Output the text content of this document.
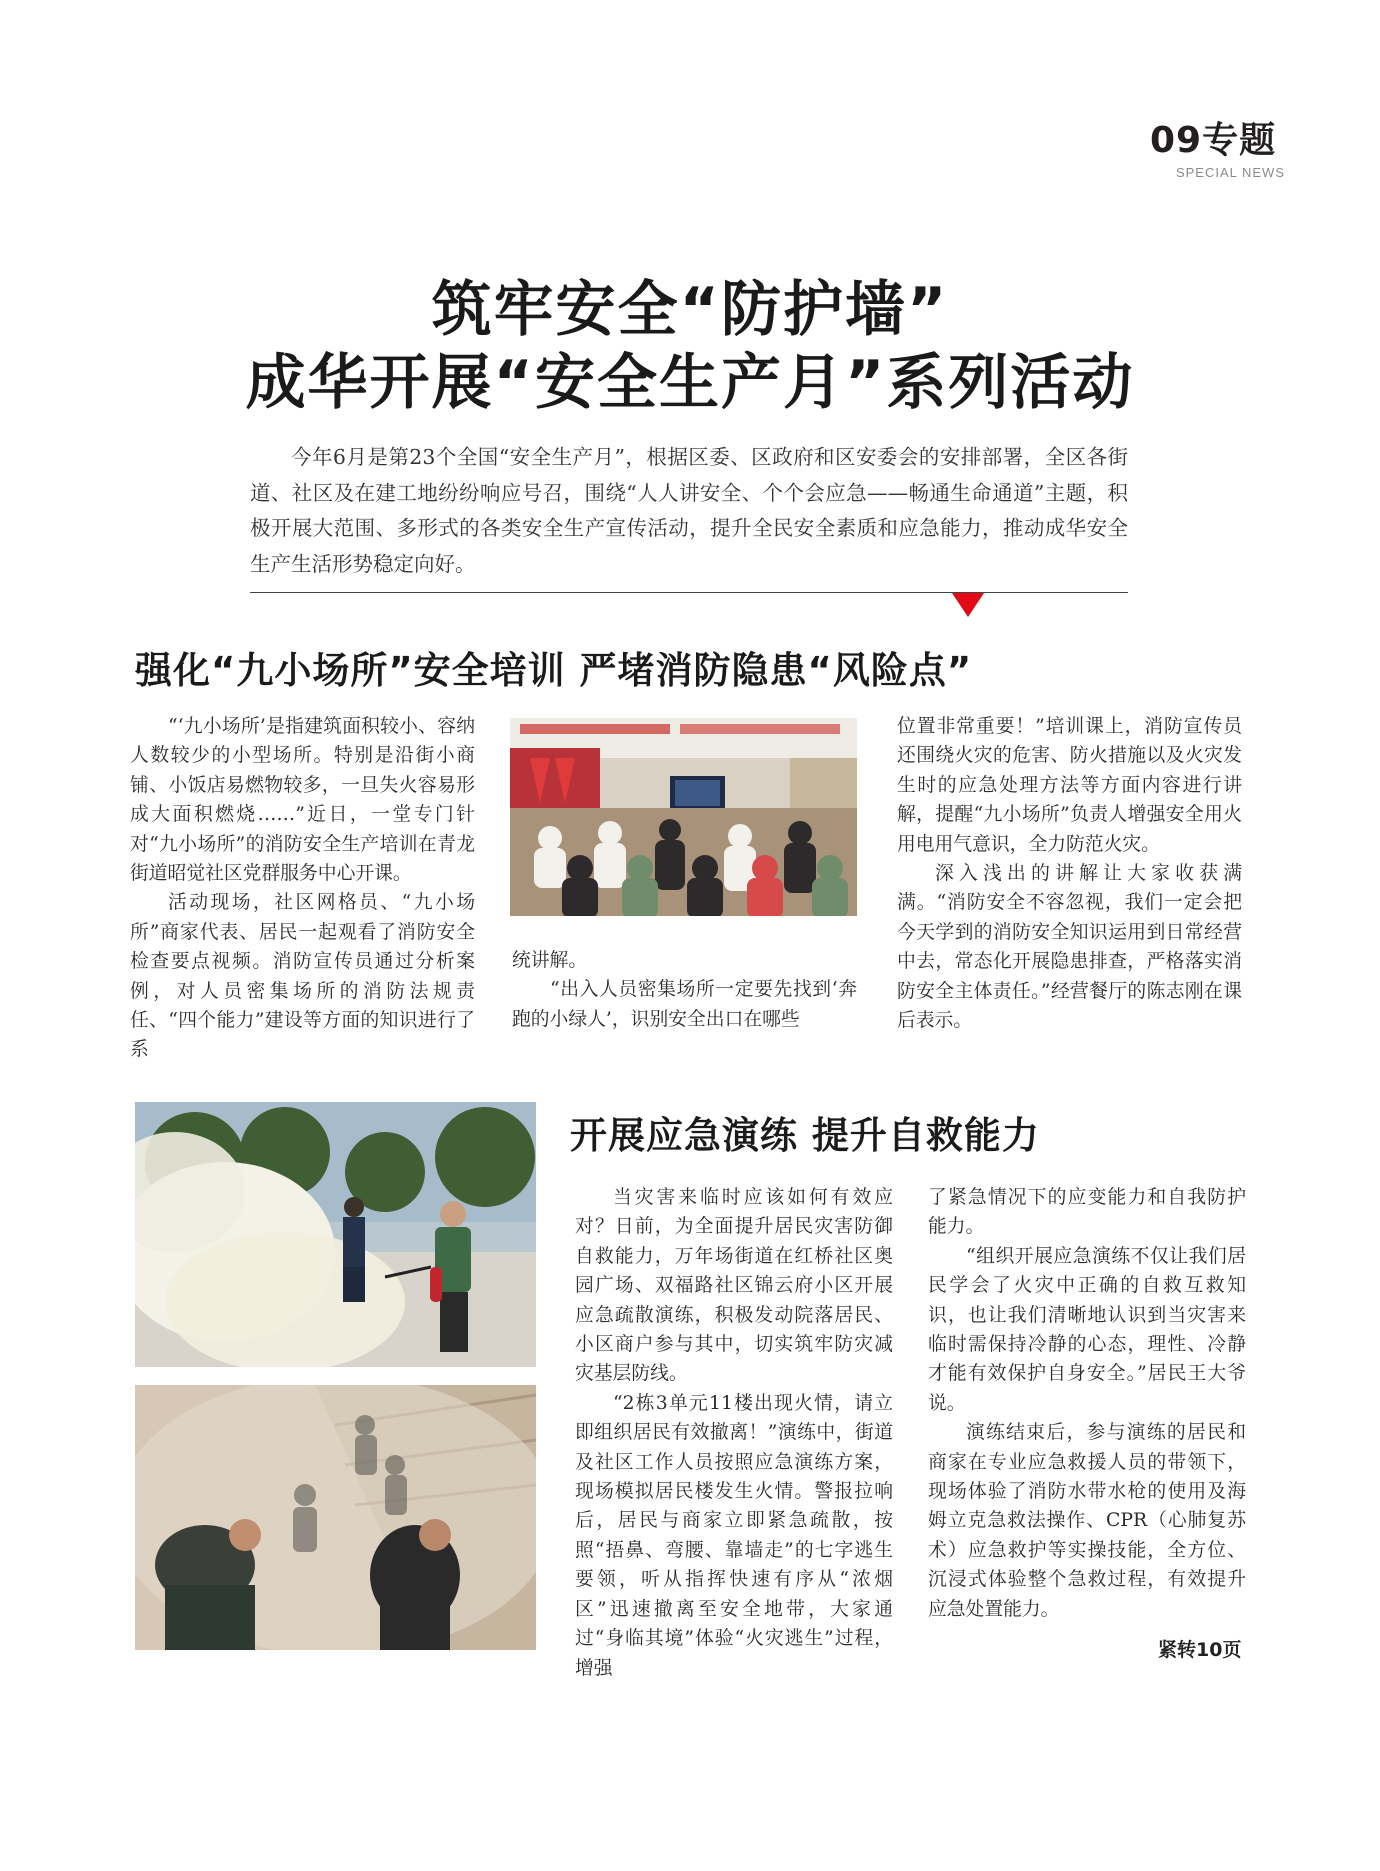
09专题
SPECIAL NEWS
筑牢安全“防护墙”
成华开展“安全生产月”系列活动
今年6月是第23个全国“安全生产月”，根据区委、区政府和区安委会的安排部署，全区各街道、社区及在建工地纷纷响应号召，围绕“人人讲安全、个个会应急——畅通生命通道”主题，积极开展大范围、多形式的各类安全生产宣传活动，提升全民安全素质和应急能力，推动成华安全生产生活形势稳定向好。
强化“九小场所”安全培训 严堵消防隐患“风险点”

“‘九小场所’是指建筑面积较小、容纳人数较少的小型场所。特别是沿街小商铺、小饭店易燃物较多，一旦失火容易形成大面积燃烧……”近日，一堂专门针对“九小场所”的消防安全生产培训在青龙街道昭觉社区党群服务中心开课。

活动现场，社区网格员、“九小场所”商家代表、居民一起观看了消防安全检查要点视频。消防宣传员通过分析案例，对人员密集场所的消防法规责任、“四个能力”建设等方面的知识进行了系

统讲解。

“出入人员密集场所一定要先找到‘奔跑的小绿人’，识别安全出口在哪些

位置非常重要！”培训课上，消防宣传员还围绕火灾的危害、防火措施以及火灾发生时的应急处理方法等方面内容进行讲解，提醒“九小场所”负责人增强安全用火用电用气意识，全力防范火灾。

深入浅出的讲解让大家收获满满。“消防安全不容忽视，我们一定会把今天学到的消防安全知识运用到日常经营中去，常态化开展隐患排查，严格落实消防安全主体责任。”经营餐厅的陈志刚在课后表示。

开展应急演练 提升自救能力

当灾害来临时应该如何有效应对？日前，为全面提升居民灾害防御自救能力，万年场街道在红桥社区奥园广场、双福路社区锦云府小区开展应急疏散演练，积极发动院落居民、小区商户参与其中，切实筑牢防灾减灾基层防线。

“2栋3单元11楼出现火情，请立即组织居民有效撤离！”演练中，街道及社区工作人员按照应急演练方案，现场模拟居民楼发生火情。警报拉响后，居民与商家立即紧急疏散，按照“捂鼻、弯腰、靠墙走”的七字逃生要领，听从指挥快速有序从“浓烟区”迅速撤离至安全地带，大家通过“身临其境”体验“火灾逃生”过程，增强

了紧急情况下的应变能力和自我防护能力。

“组织开展应急演练不仅让我们居民学会了火灾中正确的自救互救知识，也让我们清晰地认识到当灾害来临时需保持冷静的心态，理性、冷静才能有效保护自身安全。”居民王大爷说。

演练结束后，参与演练的居民和商家在专业应急救援人员的带领下，现场体验了消防水带水枪的使用及海姆立克急救法操作、CPR（心肺复苏术）应急救护等实操技能，全方位、沉浸式体验整个急救过程，有效提升应急处置能力。

紧转10页
